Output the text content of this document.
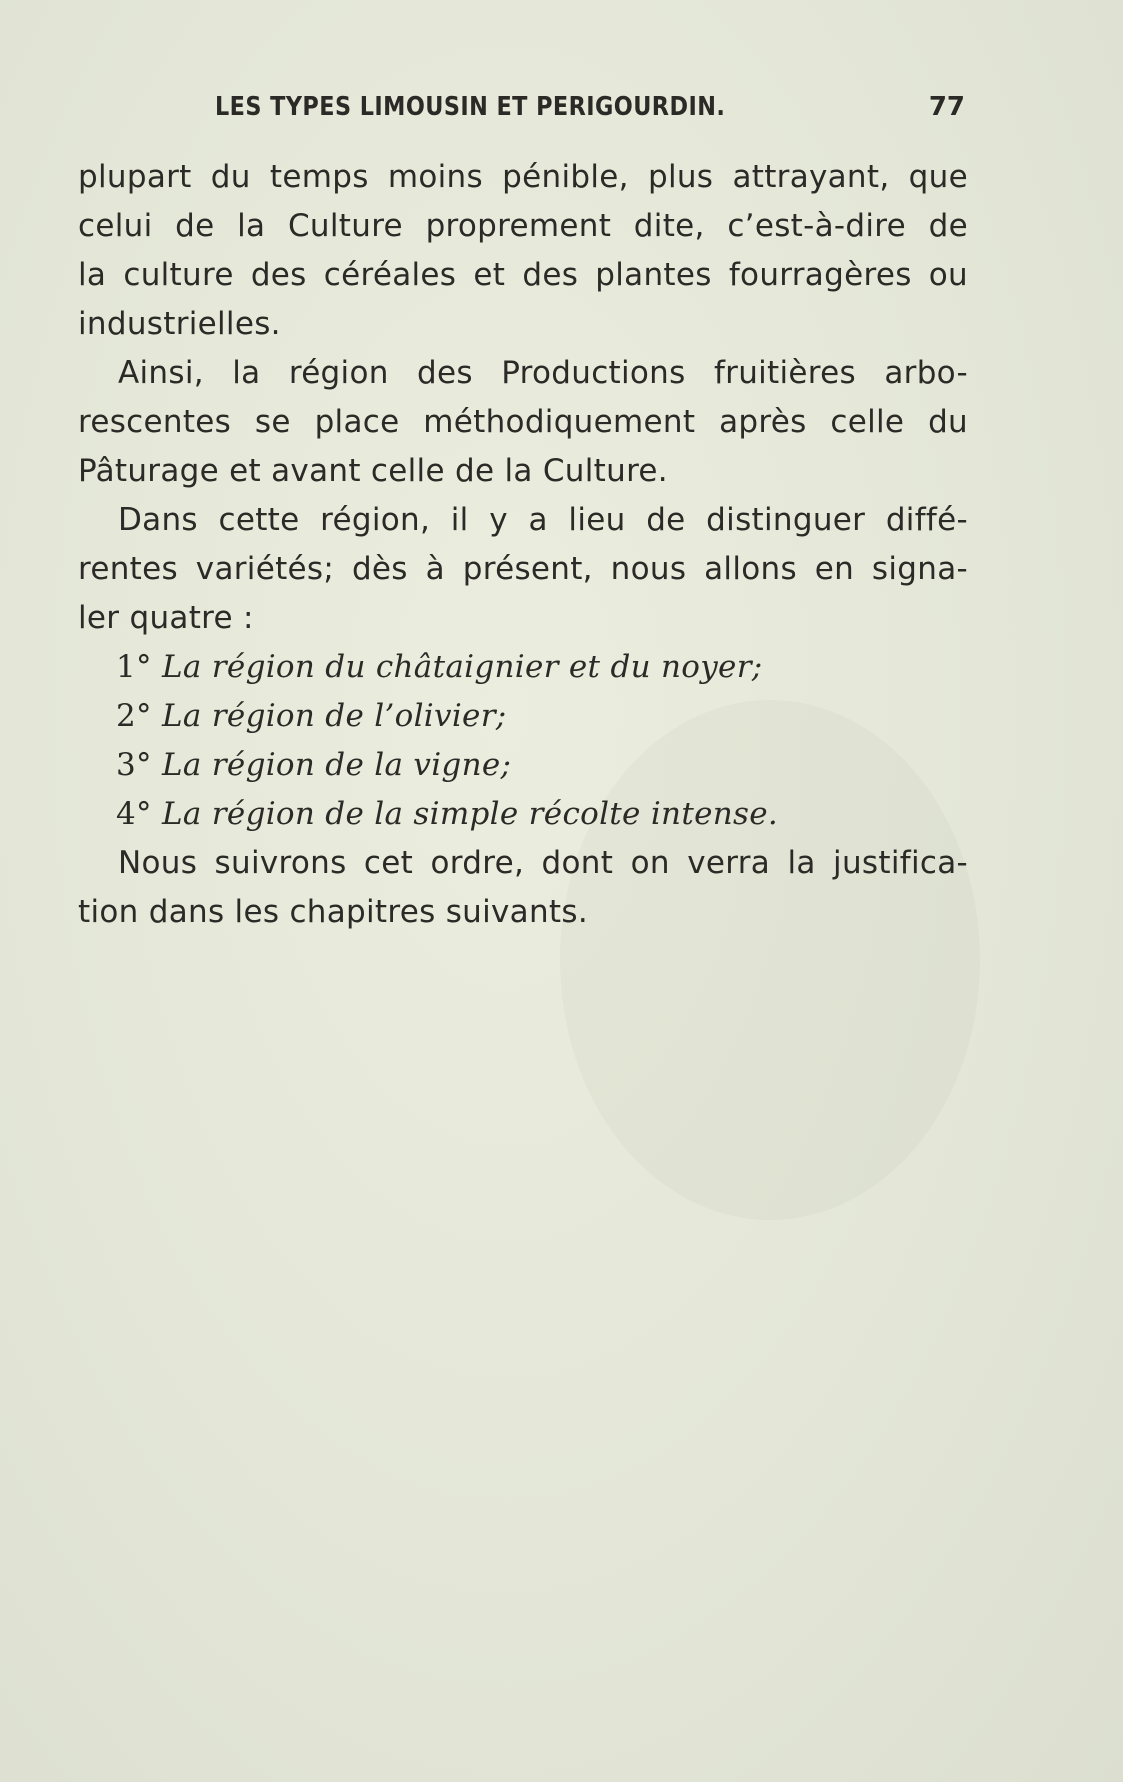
LES TYPES LIMOUSIN ET PERIGOURDIN.	77
plupart du temps moins pénible, plus attrayant, que
celui de la Culture proprement dite, c’est-à-dire de
la culture des céréales et des plantes fourragères ou
industrielles.
Ainsi, la région des Productions fruitières arbo-
rescentes se place méthodiquement après celle du
Pâturage et avant celle de la Culture.
Dans cette région, il y a lieu de distinguer diffé-
rentes variétés; dès à présent, nous allons en signa-
ler quatre :
1° La région du châtaignier et du noyer;
2° La région de l’olivier;
3° La région de la vigne;
4° La région de la simple récolte intense.
Nous suivrons cet ordre, dont on verra la justifica-
tion dans les chapitres suivants.
